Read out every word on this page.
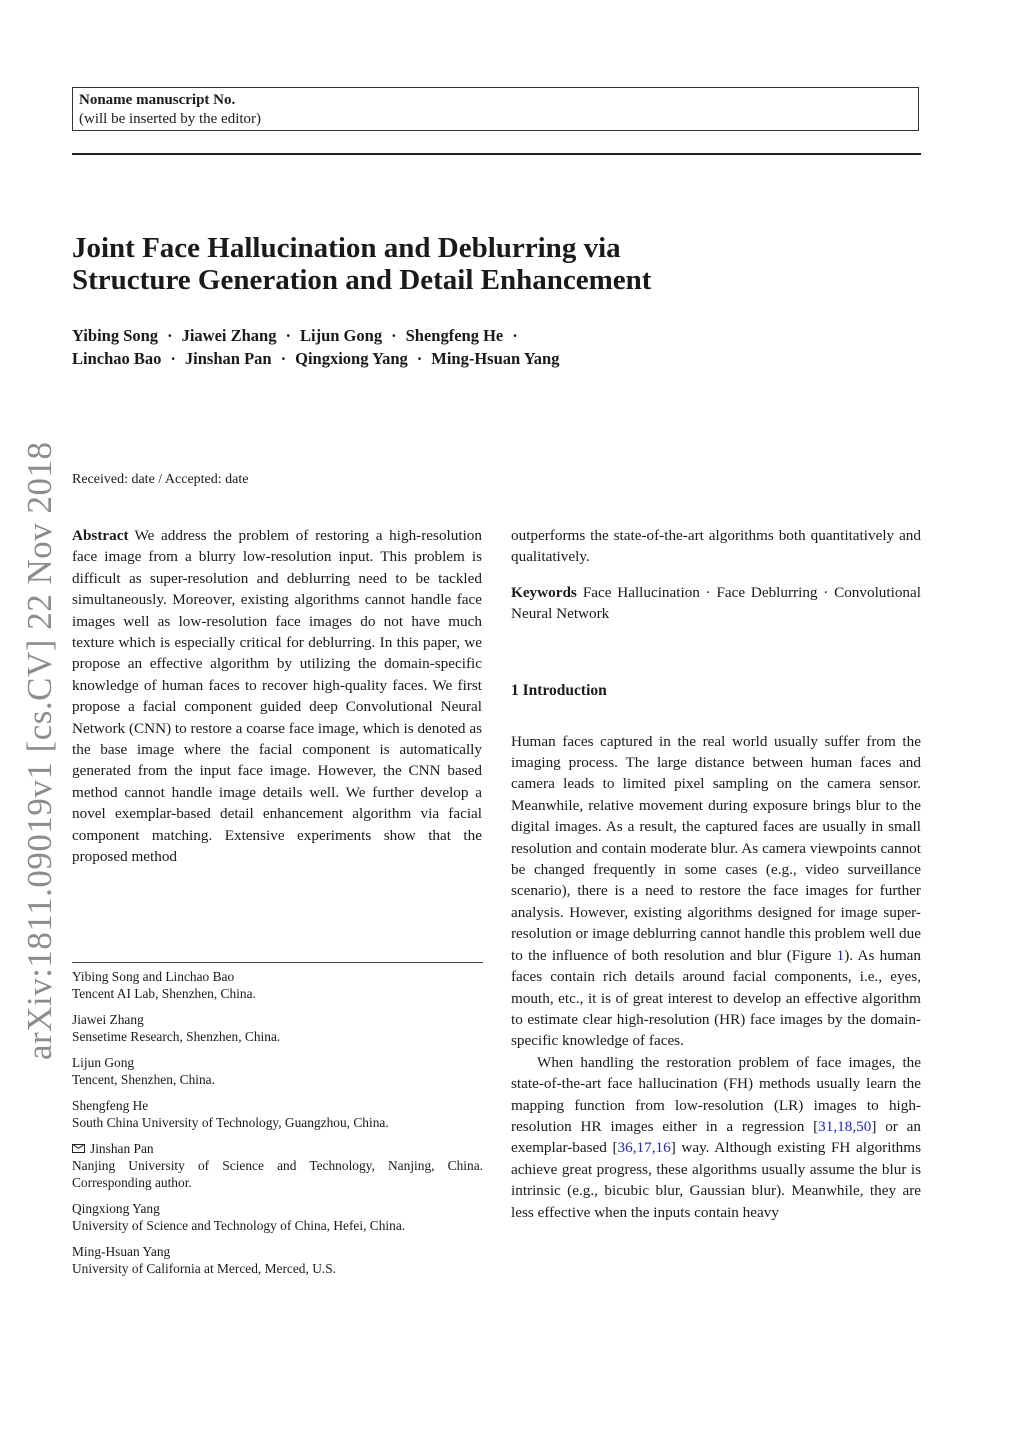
Noname manuscript No.
(will be inserted by the editor)
arXiv:1811.09019v1 [cs.CV] 22 Nov 2018
Joint Face Hallucination and Deblurring via
Structure Generation and Detail Enhancement
Yibing Song · Jiawei Zhang · Lijun Gong · Shengfeng He ·
Linchao Bao · Jinshan Pan · Qingxiong Yang · Ming-Hsuan Yang
Received: date / Accepted: date

Abstract We address the problem of restoring a high-resolution face image from a blurry low-resolution input. This problem is difficult as super-resolution and deblurring need to be tackled simultaneously. Moreover, existing algorithms cannot handle face images well as low-resolution face images do not have much texture which is especially critical for deblurring. In this paper, we propose an effective algorithm by utilizing the domain-specific knowledge of human faces to recover high-quality faces. We first propose a facial component guided deep Convolutional Neural Network (CNN) to restore a coarse face image, which is denoted as the base image where the facial component is automatically generated from the input face image. However, the CNN based method cannot handle image details well. We further develop a novel exemplar-based detail enhancement algorithm via facial component matching. Extensive experiments show that the proposed method

Yibing Song and Linchao Bao
Tencent AI Lab, Shenzhen, China.
Jiawei Zhang
Sensetime Research, Shenzhen, China.
Lijun Gong
Tencent, Shenzhen, China.
Shengfeng He
South China University of Technology, Guangzhou, China.
Jinshan Pan
Nanjing University of Science and Technology, Nanjing, China. Corresponding author.
Qingxiong Yang
University of Science and Technology of China, Hefei, China.
Ming-Hsuan Yang
University of California at Merced, Merced, U.S.

outperforms the state-of-the-art algorithms both quantitatively and qualitatively.

Keywords Face Hallucination · Face Deblurring · Convolutional Neural Network

1 Introduction

Human faces captured in the real world usually suffer from the imaging process. The large distance between human faces and camera leads to limited pixel sampling on the camera sensor. Meanwhile, relative movement during exposure brings blur to the digital images. As a result, the captured faces are usually in small resolution and contain moderate blur. As camera viewpoints cannot be changed frequently in some cases (e.g., video surveillance scenario), there is a need to restore the face images for further analysis. However, existing algorithms designed for image super-resolution or image deblurring cannot handle this problem well due to the influence of both resolution and blur (Figure 1). As human faces contain rich details around facial components, i.e., eyes, mouth, etc., it is of great interest to develop an effective algorithm to estimate clear high-resolution (HR) face images by the domain-specific knowledge of faces.

When handling the restoration problem of face images, the state-of-the-art face hallucination (FH) methods usually learn the mapping function from low-resolution (LR) images to high-resolution HR images either in a regression [31,18,50] or an exemplar-based [36,17,16] way. Although existing FH algorithms achieve great progress, these algorithms usually assume the blur is intrinsic (e.g., bicubic blur, Gaussian blur). Meanwhile, they are less effective when the inputs contain heavy
